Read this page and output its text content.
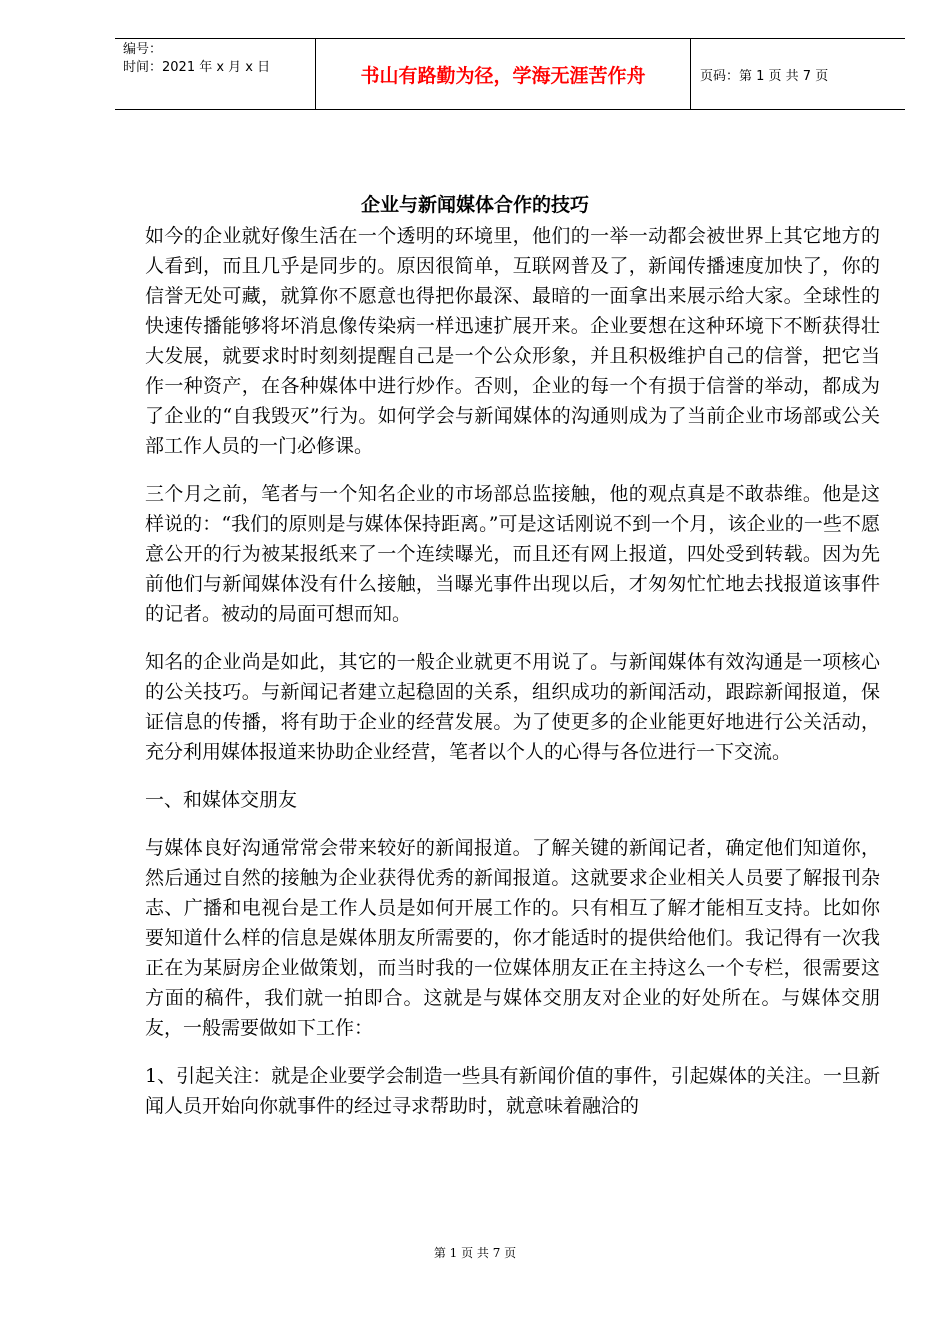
编号：
时间：2021 年 x 月 x 日	书山有路勤为径，学海无涯苦作舟	页码：第 1 页 共 7 页
企业与新闻媒体合作的技巧

如今的企业就好像生活在一个透明的环境里，他们的一举一动都会被世界上其它地方的人看到，而且几乎是同步的。原因很简单，互联网普及了，新闻传播速度加快了，你的信誉无处可藏，就算你不愿意也得把你最深、最暗的一面拿出来展示给大家。全球性的快速传播能够将坏消息像传染病一样迅速扩展开来。企业要想在这种环境下不断获得壮大发展，就要求时时刻刻提醒自己是一个公众形象，并且积极维护自己的信誉，把它当作一种资产，在各种媒体中进行炒作。否则，企业的每一个有损于信誉的举动，都成为了企业的“自我毁灭”行为。如何学会与新闻媒体的沟通则成为了当前企业市场部或公关部工作人员的一门必修课。

三个月之前，笔者与一个知名企业的市场部总监接触，他的观点真是不敢恭维。他是这样说的：“我们的原则是与媒体保持距离。”可是这话刚说不到一个月，该企业的一些不愿意公开的行为被某报纸来了一个连续曝光，而且还有网上报道，四处受到转载。因为先前他们与新闻媒体没有什么接触，当曝光事件出现以后，才匆匆忙忙地去找报道该事件的记者。被动的局面可想而知。

知名的企业尚是如此，其它的一般企业就更不用说了。与新闻媒体有效沟通是一项核心的公关技巧。与新闻记者建立起稳固的关系，组织成功的新闻活动，跟踪新闻报道，保证信息的传播，将有助于企业的经营发展。为了使更多的企业能更好地进行公关活动，充分利用媒体报道来协助企业经营，笔者以个人的心得与各位进行一下交流。

一、和媒体交朋友

与媒体良好沟通常常会带来较好的新闻报道。了解关键的新闻记者，确定他们知道你，然后通过自然的接触为企业获得优秀的新闻报道。这就要求企业相关人员要了解报刊杂志、广播和电视台是工作人员是如何开展工作的。只有相互了解才能相互支持。比如你要知道什么样的信息是媒体朋友所需要的，你才能适时的提供给他们。我记得有一次我正在为某厨房企业做策划，而当时我的一位媒体朋友正在主持这么一个专栏，很需要这方面的稿件，我们就一拍即合。这就是与媒体交朋友对企业的好处所在。与媒体交朋友，一般需要做如下工作：

1、引起关注：就是企业要学会制造一些具有新闻价值的事件，引起媒体的关注。一旦新闻人员开始向你就事件的经过寻求帮助时，就意味着融洽的

第 1 页 共 7 页
